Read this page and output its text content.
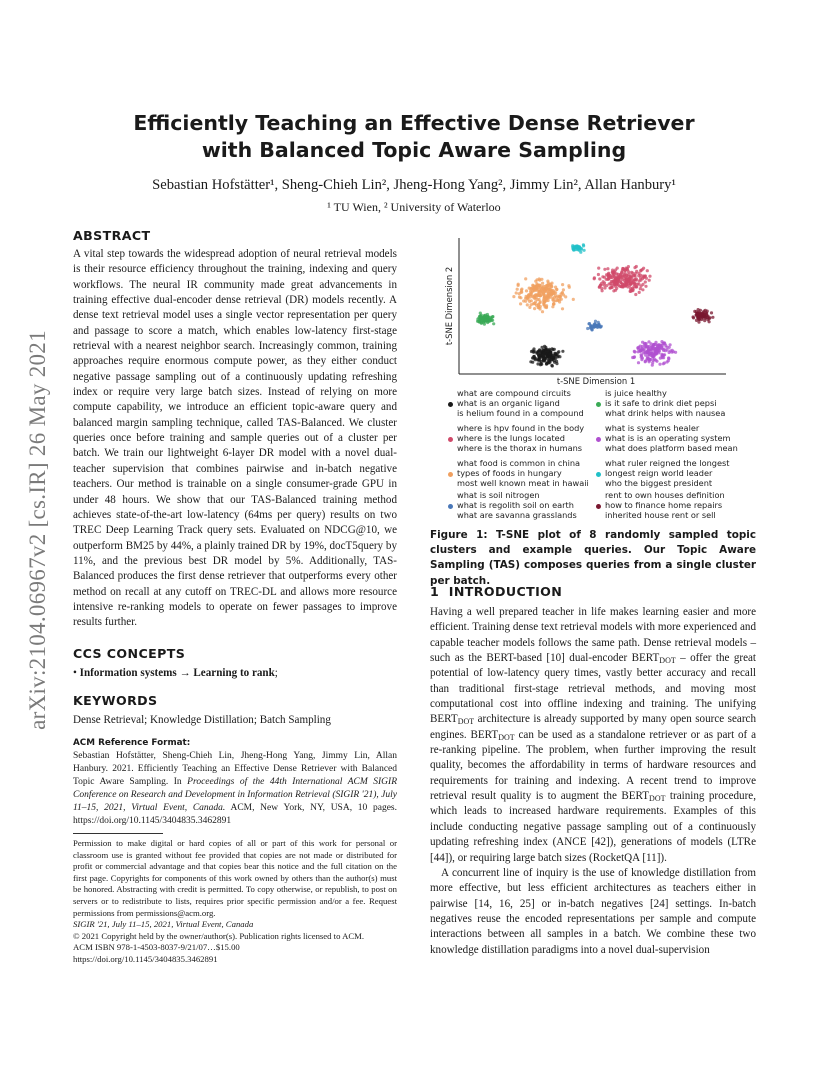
arXiv:2104.06967v2 [cs.IR] 26 May 2021
Efficiently Teaching an Effective Dense Retriever
with Balanced Topic Aware Sampling
Sebastian Hofstätter¹, Sheng-Chieh Lin², Jheng-Hong Yang², Jimmy Lin², Allan Hanbury¹
¹ TU Wien, ² University of Waterloo
ABSTRACT

A vital step towards the widespread adoption of neural retrieval models is their resource efficiency throughout the training, indexing and query workflows. The neural IR community made great advancements in training effective dual-encoder dense retrieval (DR) models recently. A dense text retrieval model uses a single vector representation per query and passage to score a match, which enables low-latency first-stage retrieval with a nearest neighbor search. Increasingly common, training approaches require enormous compute power, as they either conduct negative passage sampling out of a continuously updating refreshing index or require very large batch sizes. Instead of relying on more compute capability, we introduce an efficient topic-aware query and balanced margin sampling technique, called TAS-Balanced. We cluster queries once before training and sample queries out of a cluster per batch. We train our lightweight 6-layer DR model with a novel dual-teacher supervision that combines pairwise and in-batch negative teachers. Our method is trainable on a single consumer-grade GPU in under 48 hours. We show that our TAS-Balanced training method achieves state-of-the-art low-latency (64ms per query) results on two TREC Deep Learning Track query sets. Evaluated on NDCG@10, we outperform BM25 by 44%, a plainly trained DR by 19%, docT5query by 11%, and the previous best DR model by 5%. Additionally, TAS-Balanced produces the first dense retriever that outperforms every other method on recall at any cutoff on TREC-DL and allows more resource intensive re-ranking models to operate on fewer passages to improve results further.

CCS CONCEPTS
• Information systems → Learning to rank;
KEYWORDS

Dense Retrieval; Knowledge Distillation; Batch Sampling

ACM Reference Format:

Sebastian Hofstätter, Sheng-Chieh Lin, Jheng-Hong Yang, Jimmy Lin, Allan Hanbury. 2021. Efficiently Teaching an Effective Dense Retriever with Balanced Topic Aware Sampling. In Proceedings of the 44th International ACM SIGIR Conference on Research and Development in Information Retrieval (SIGIR '21), July 11–15, 2021, Virtual Event, Canada. ACM, New York, NY, USA, 10 pages. https://doi.org/10.1145/3404835.3462891

Permission to make digital or hard copies of all or part of this work for personal or classroom use is granted without fee provided that copies are not made or distributed for profit or commercial advantage and that copies bear this notice and the full citation on the first page. Copyrights for components of this work owned by others than the author(s) must be honored. Abstracting with credit is permitted. To copy otherwise, or republish, to post on servers or to redistribute to lists, requires prior specific permission and/or a fee. Request permissions from permissions@acm.org.

SIGIR '21, July 11–15, 2021, Virtual Event, Canada

© 2021 Copyright held by the owner/author(s). Publication rights licensed to ACM.

ACM ISBN 978-1-4503-8037-9/21/07…$15.00

https://doi.org/10.1145/3404835.3462891

t-SNE Dimension 1
t-SNE Dimension 2
what are compound circuits
what is an organic ligand
is helium found in a compound
where is hpv found in the body
where is the lungs located
where is the thorax in humans
what food is common in china
types of foods in hungary
most well known meat in hawaii
what is soil nitrogen
what is regolith soil on earth
what are savanna grasslands
is juice healthy
is it safe to drink diet pepsi
what drink helps with nausea
what is systems healer
what is is an operating system
what does platform based mean
what ruler reigned the longest
longest reign world leader
who the biggest president
rent to own houses definition
how to finance home repairs
inherited house rent or sell

Figure 1: T-SNE plot of 8 randomly sampled topic clusters and example queries. Our Topic Aware Sampling (TAS) composes queries from a single cluster per batch.

1 INTRODUCTION

Having a well prepared teacher in life makes learning easier and more efficient. Training dense text retrieval models with more experienced and capable teacher models follows the same path. Dense retrieval models – such as the BERT-based [10] dual-encoder $BERT_{DOT}$ – offer the great potential of low-latency query times, vastly better accuracy and recall than traditional first-stage retrieval methods, and moving most computational cost into offline indexing and training. The unifying $BERT_{DOT}$ architecture is already supported by many open source search engines. $BERT_{DOT}$ can be used as a standalone retriever or as part of a re-ranking pipeline. The problem, when further improving the result quality, becomes the affordability in terms of hardware resources and requirements for training and indexing. A recent trend to improve retrieval result quality is to augment the $BERT_{DOT}$ training procedure, which leads to increased hardware requirements. Examples of this include conducting negative passage sampling out of a continuously updating refreshing index (ANCE [42]), generations of models (LTRe [44]), or requiring large batch sizes (RocketQA [11]).

A concurrent line of inquiry is the use of knowledge distillation from more effective, but less efficient architectures as teachers either in pairwise [14, 16, 25] or in-batch negatives [24] settings. In-batch negatives reuse the encoded representations per sample and compute interactions between all samples in a batch. We combine these two knowledge distillation paradigms into a novel dual-supervision
